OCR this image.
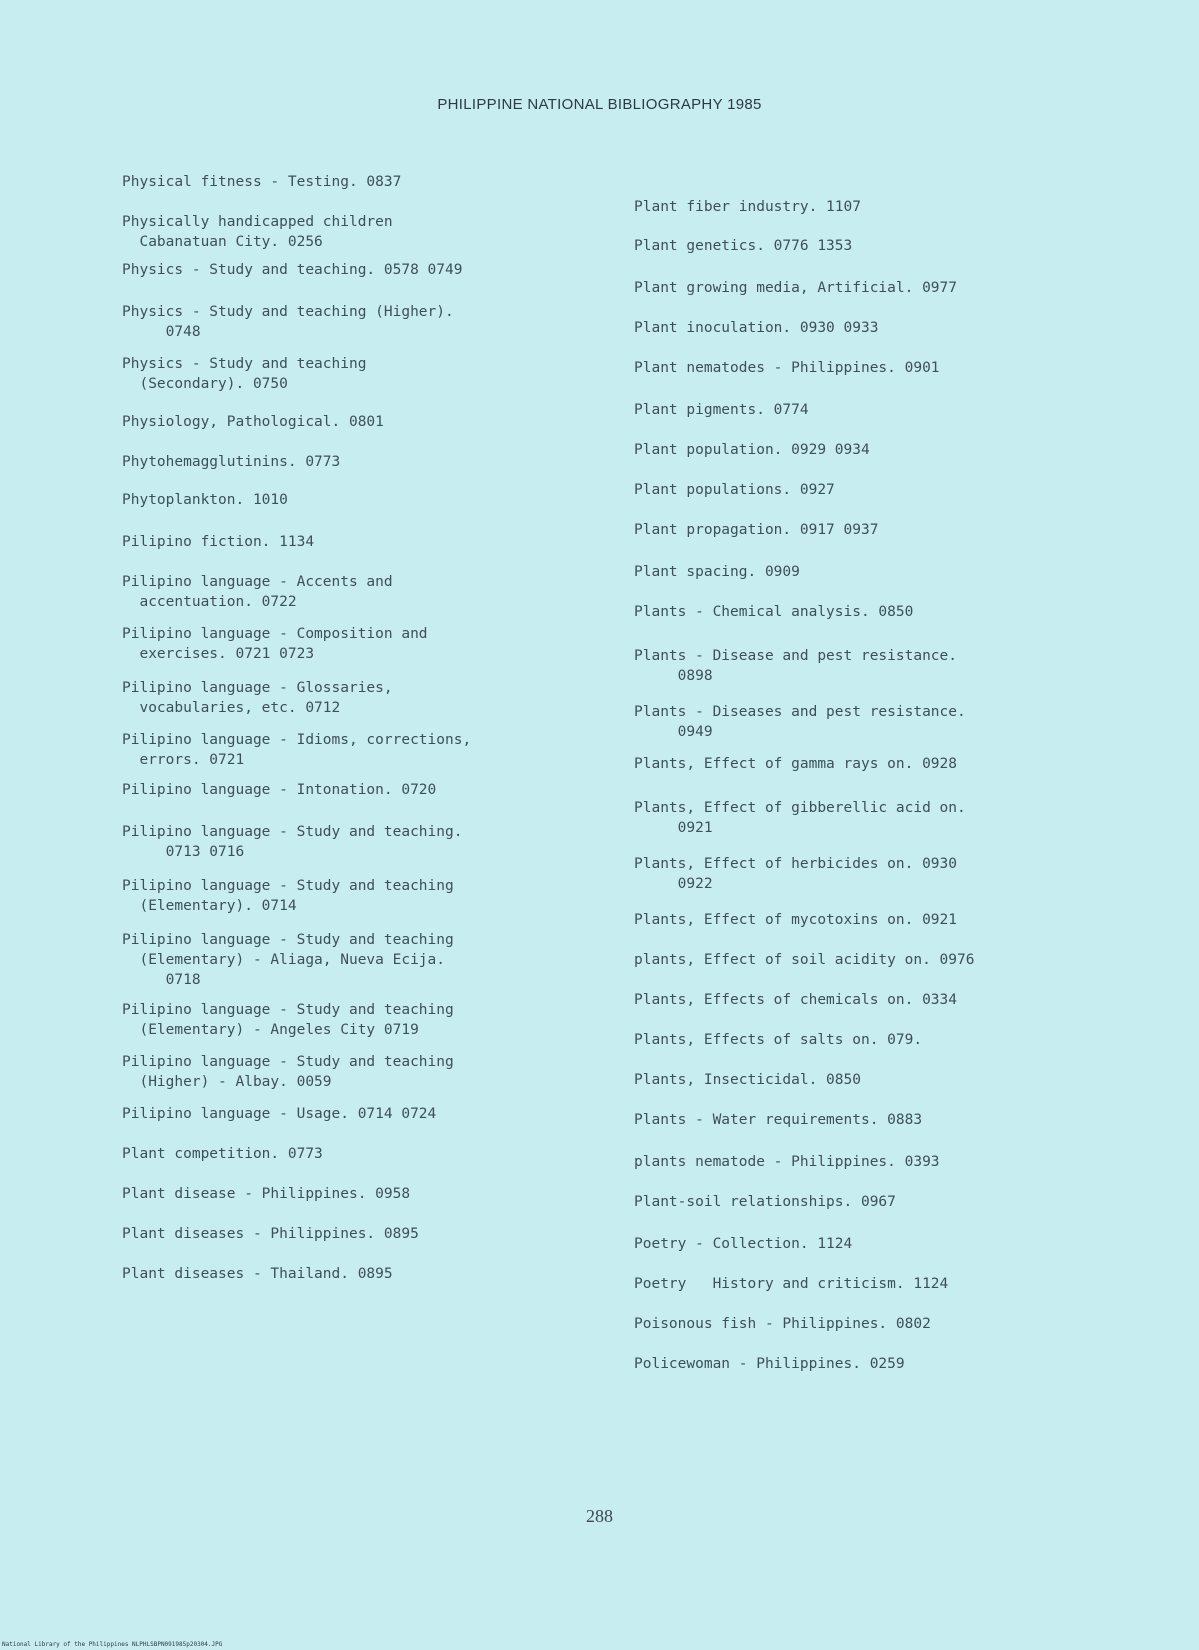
PHILIPPINE NATIONAL BIBLIOGRAPHY 1985
Physical fitness - Testing. 0837
Physically handicapped children
Cabanatuan City. 0256
Physics - Study and teaching. 0578 0749
Physics - Study and teaching (Higher).
0748
Physics - Study and teaching
(Secondary). 0750
Physiology, Pathological. 0801
Phytohemagglutinins. 0773
Phytoplankton. 1010
Pilipino fiction. 1134
Pilipino language - Accents and
accentuation. 0722
Pilipino language - Composition and
exercises. 0721 0723
Pilipino language - Glossaries,
vocabularies, etc. 0712
Pilipino language - Idioms, corrections,
errors. 0721
Pilipino language - Intonation. 0720
Pilipino language - Study and teaching.
0713 0716
Pilipino language - Study and teaching
(Elementary). 0714
Pilipino language - Study and teaching
(Elementary) - Aliaga, Nueva Ecija.
0718
Pilipino language - Study and teaching
(Elementary) - Angeles City 0719
Pilipino language - Study and teaching
(Higher) - Albay. 0059
Pilipino language - Usage. 0714 0724
Plant competition. 0773
Plant disease - Philippines. 0958
Plant diseases - Philippines. 0895
Plant diseases - Thailand. 0895
Plant fiber industry. 1107
Plant genetics. 0776 1353
Plant growing media, Artificial. 0977
Plant inoculation. 0930 0933
Plant nematodes - Philippines. 0901
Plant pigments. 0774
Plant population. 0929 0934
Plant populations. 0927
Plant propagation. 0917 0937
Plant spacing. 0909
Plants - Chemical analysis. 0850
Plants - Disease and pest resistance.
0898
Plants - Diseases and pest resistance.
0949
Plants, Effect of gamma rays on. 0928
Plants, Effect of gibberellic acid on.
0921
Plants, Effect of herbicides on. 0930
0922
Plants, Effect of mycotoxins on. 0921
plants, Effect of soil acidity on. 0976
Plants, Effects of chemicals on. 0334
Plants, Effects of salts on. 079.
Plants, Insecticidal. 0850
Plants - Water requirements. 0883
plants nematode - Philippines. 0393
Plant-soil relationships. 0967
Poetry - Collection. 1124
Poetry   History and criticism. 1124
Poisonous fish - Philippines. 0802
Policewoman - Philippines. 0259
288
National Library of the Philippines NLPHLSBPN091985p20304.JPG
